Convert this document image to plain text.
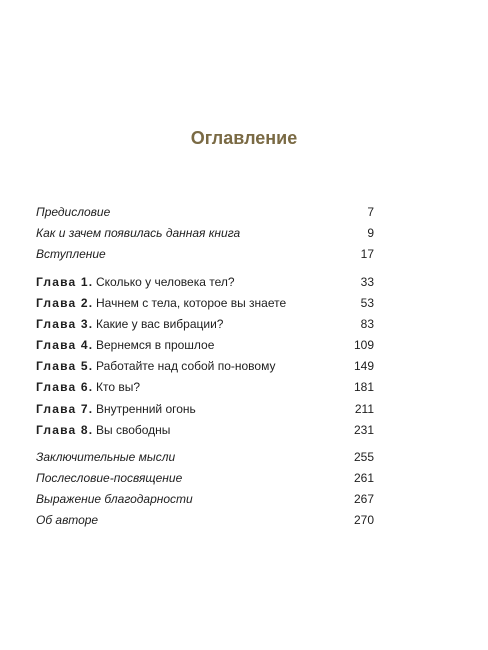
Оглавление
Предисловие	7
Как и зачем появилась данная книга	9
Вступление	17
Глава 1. Сколько у человека тел?	33
Глава 2. Начнем с тела, которое вы знаете	53
Глава 3. Какие у вас вибрации?	83
Глава 4. Вернемся в прошлое	109
Глава 5. Работайте над собой по-новому	149
Глава 6. Кто вы?	181
Глава 7. Внутренний огонь	211
Глава 8. Вы свободны	231
Заключительные мысли	255
Послесловие-посвящение	261
Выражение благодарности	267
Об авторе	270
